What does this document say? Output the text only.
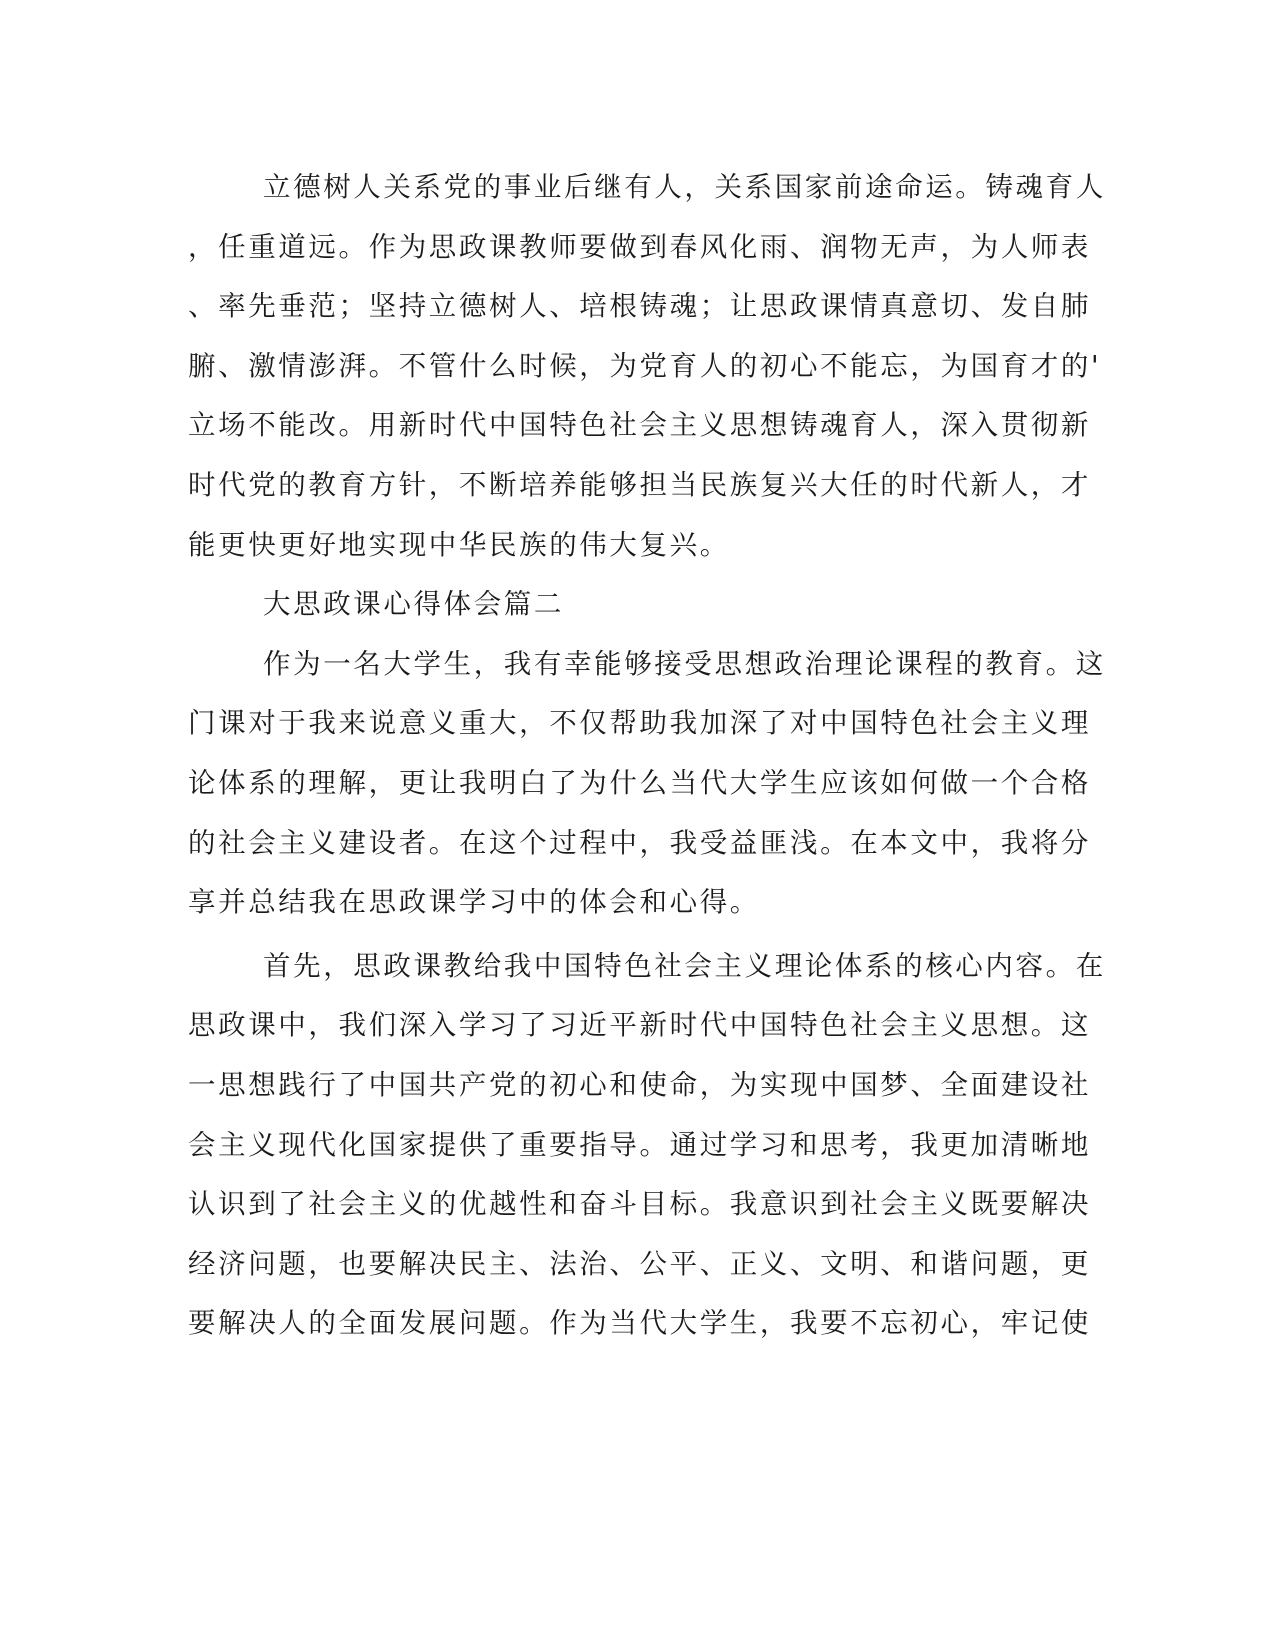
立德树人关系党的事业后继有人，关系国家前途命运。铸魂育人
，任重道远。作为思政课教师要做到春风化雨、润物无声，为人师表
、率先垂范；坚持立德树人、培根铸魂；让思政课情真意切、发自肺
腑、激情澎湃。不管什么时候，为党育人的初心不能忘，为国育才的'
立场不能改。用新时代中国特色社会主义思想铸魂育人，深入贯彻新
时代党的教育方针，不断培养能够担当民族复兴大任的时代新人，才
能更快更好地实现中华民族的伟大复兴。
大思政课心得体会篇二
作为一名大学生，我有幸能够接受思想政治理论课程的教育。这
门课对于我来说意义重大，不仅帮助我加深了对中国特色社会主义理
论体系的理解，更让我明白了为什么当代大学生应该如何做一个合格
的社会主义建设者。在这个过程中，我受益匪浅。在本文中，我将分
享并总结我在思政课学习中的体会和心得。
首先，思政课教给我中国特色社会主义理论体系的核心内容。在
思政课中，我们深入学习了习近平新时代中国特色社会主义思想。这
一思想践行了中国共产党的初心和使命，为实现中国梦、全面建设社
会主义现代化国家提供了重要指导。通过学习和思考，我更加清晰地
认识到了社会主义的优越性和奋斗目标。我意识到社会主义既要解决
经济问题，也要解决民主、法治、公平、正义、文明、和谐问题，更
要解决人的全面发展问题。作为当代大学生，我要不忘初心，牢记使
